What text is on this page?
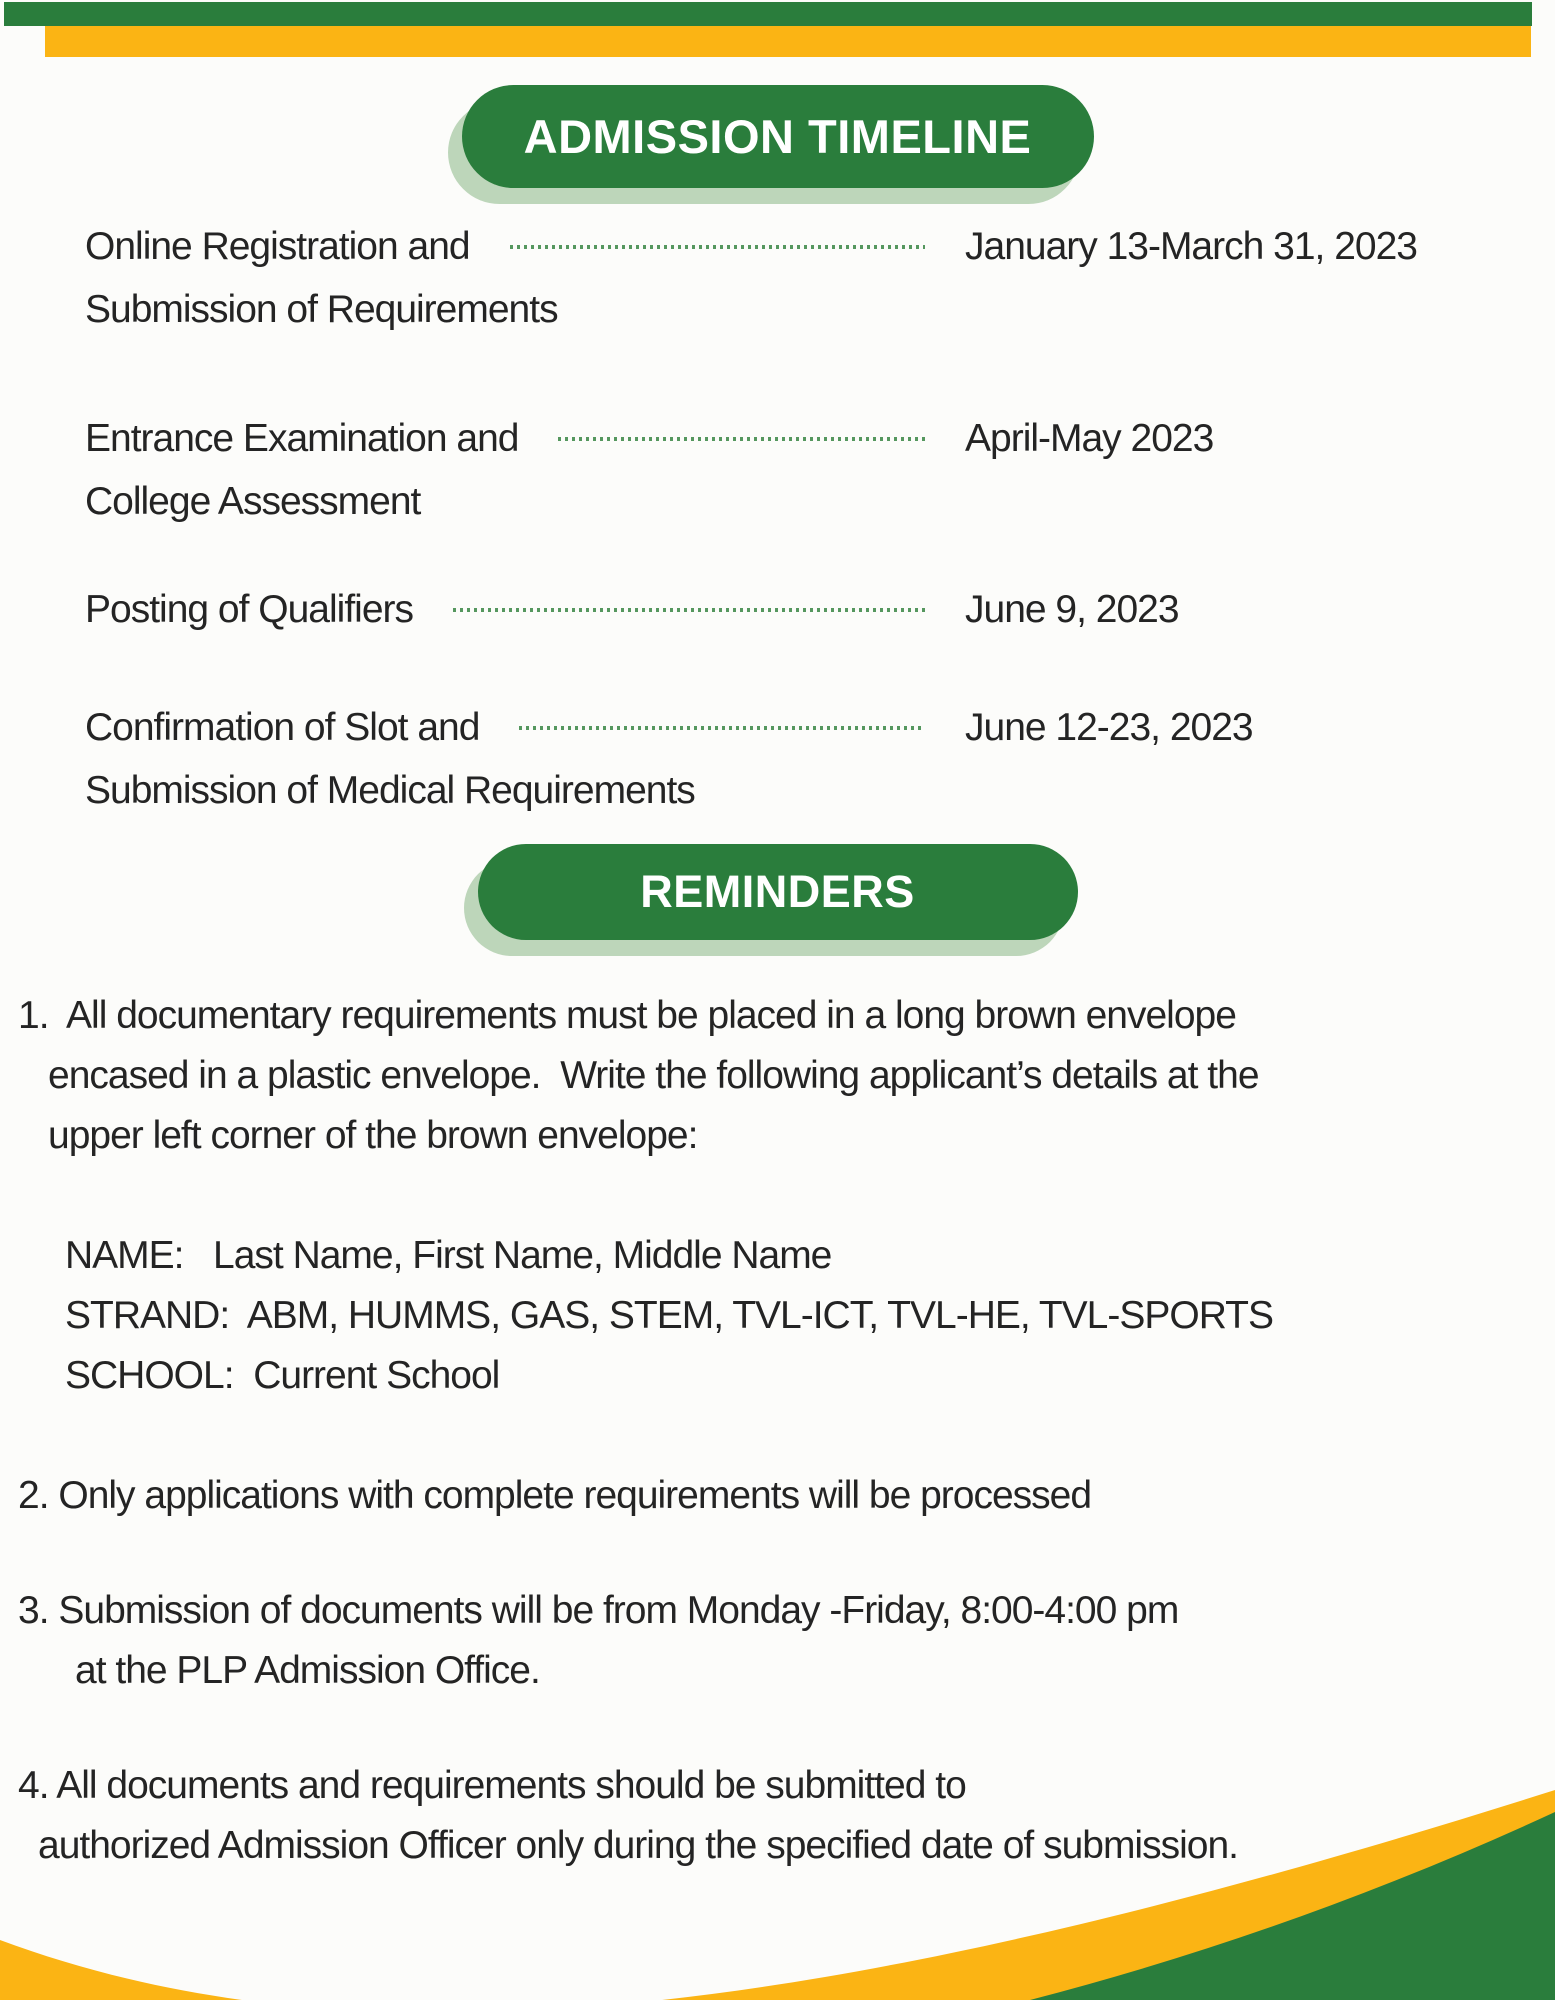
ADMISSION TIMELINE
Online Registration and	January 13-March 31, 2023
Submission of Requirements
Entrance Examination and	April-May 2023
College Assessment
Posting of Qualifiers	June 9, 2023
Confirmation of Slot and	June 12-23, 2023
Submission of Medical Requirements
REMINDERS
1.  All documentary requirements must be placed in a long brown envelope
encased in a plastic envelope.  Write the following applicant’s details at the
upper left corner of the brown envelope:
NAME:   Last Name, First Name, Middle Name
STRAND:  ABM, HUMMS, GAS, STEM, TVL-ICT, TVL-HE, TVL-SPORTS
SCHOOL:  Current School
2. Only applications with complete requirements will be processed
3. Submission of documents will be from Monday -Friday, 8:00-4:00 pm
at the PLP Admission Office.
4. All documents and requirements should be submitted to
authorized Admission Officer only during the specified date of submission.
